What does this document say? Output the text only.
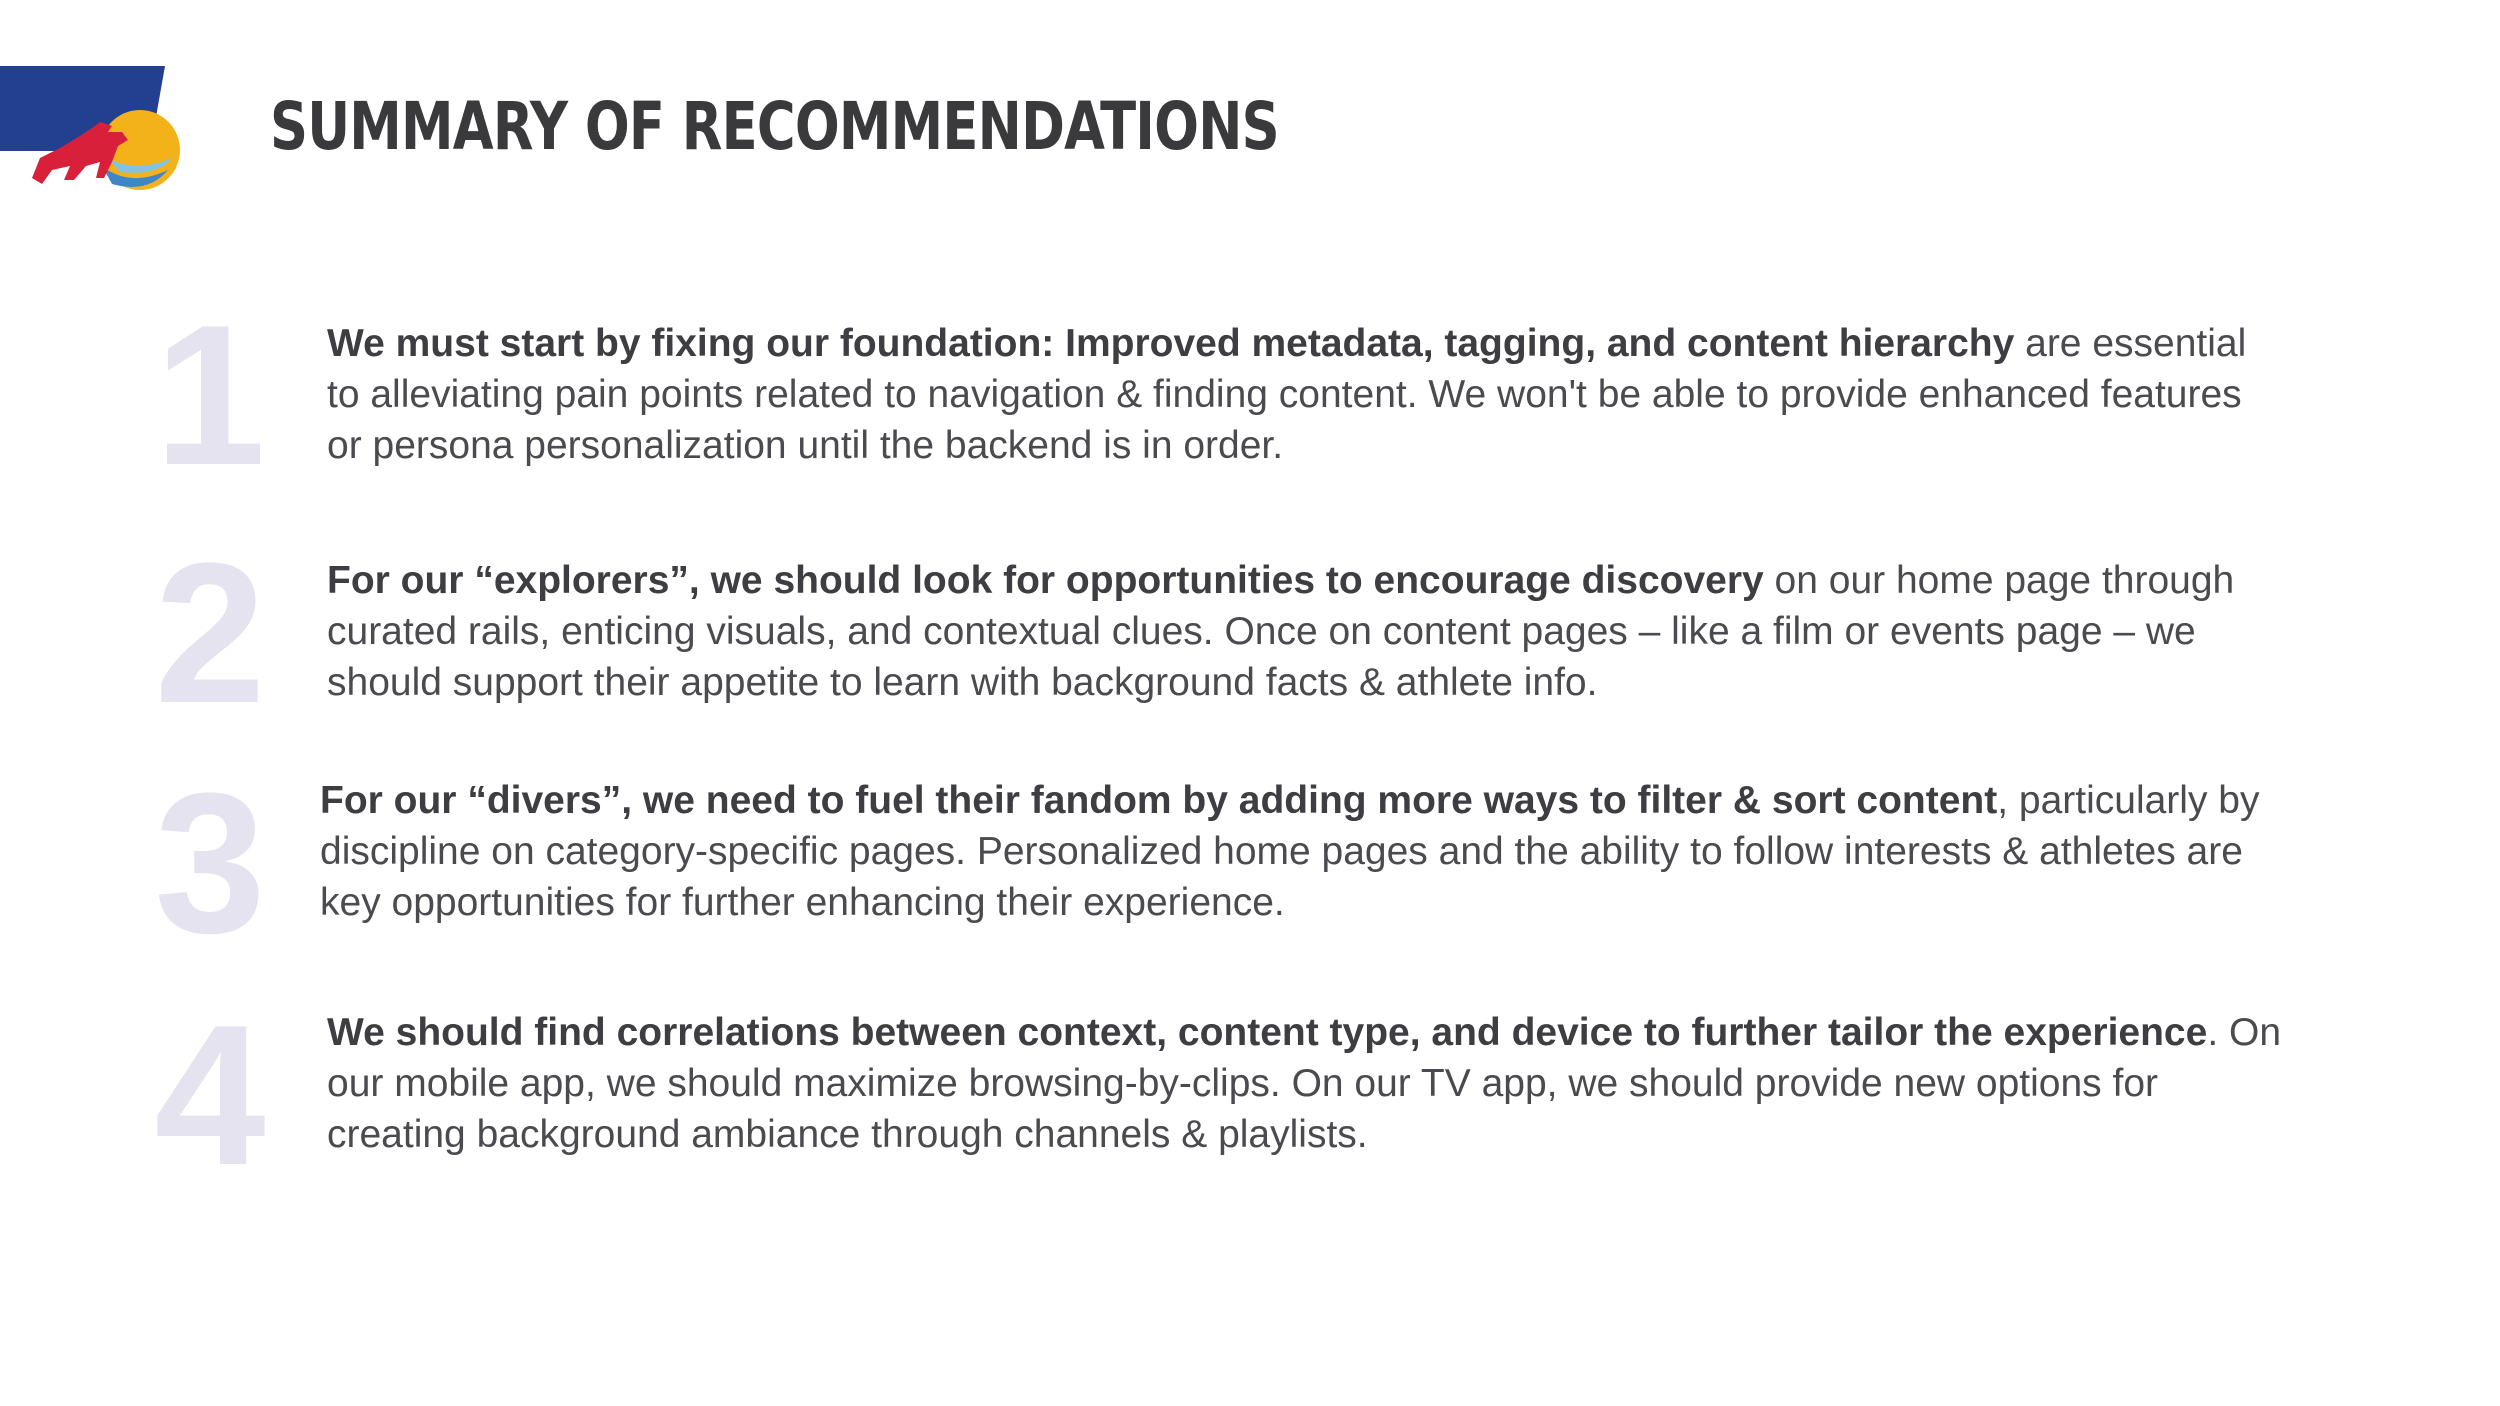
SUMMARY OF RECOMMENDATIONS
1 We must start by fixing our foundation: Improved metadata, tagging, and content hierarchy are essential to alleviating pain points related to navigation & finding content. We won't be able to provide enhanced features or persona personalization until the backend is in order.

2 For our “explorers”, we should look for opportunities to encourage discovery on our home page through curated rails, enticing visuals, and contextual clues. Once on content pages – like a film or events page – we should support their appetite to learn with background facts & athlete info.

3 For our “divers”, we need to fuel their fandom by adding more ways to filter & sort content, particularly by discipline on category-specific pages. Personalized home pages and the ability to follow interests & athletes are key opportunities for further enhancing their experience.

4 We should find correlations between context, content type, and device to further tailor the experience. On our mobile app, we should maximize browsing-by-clips. On our TV app, we should provide new options for creating background ambiance through channels & playlists.
